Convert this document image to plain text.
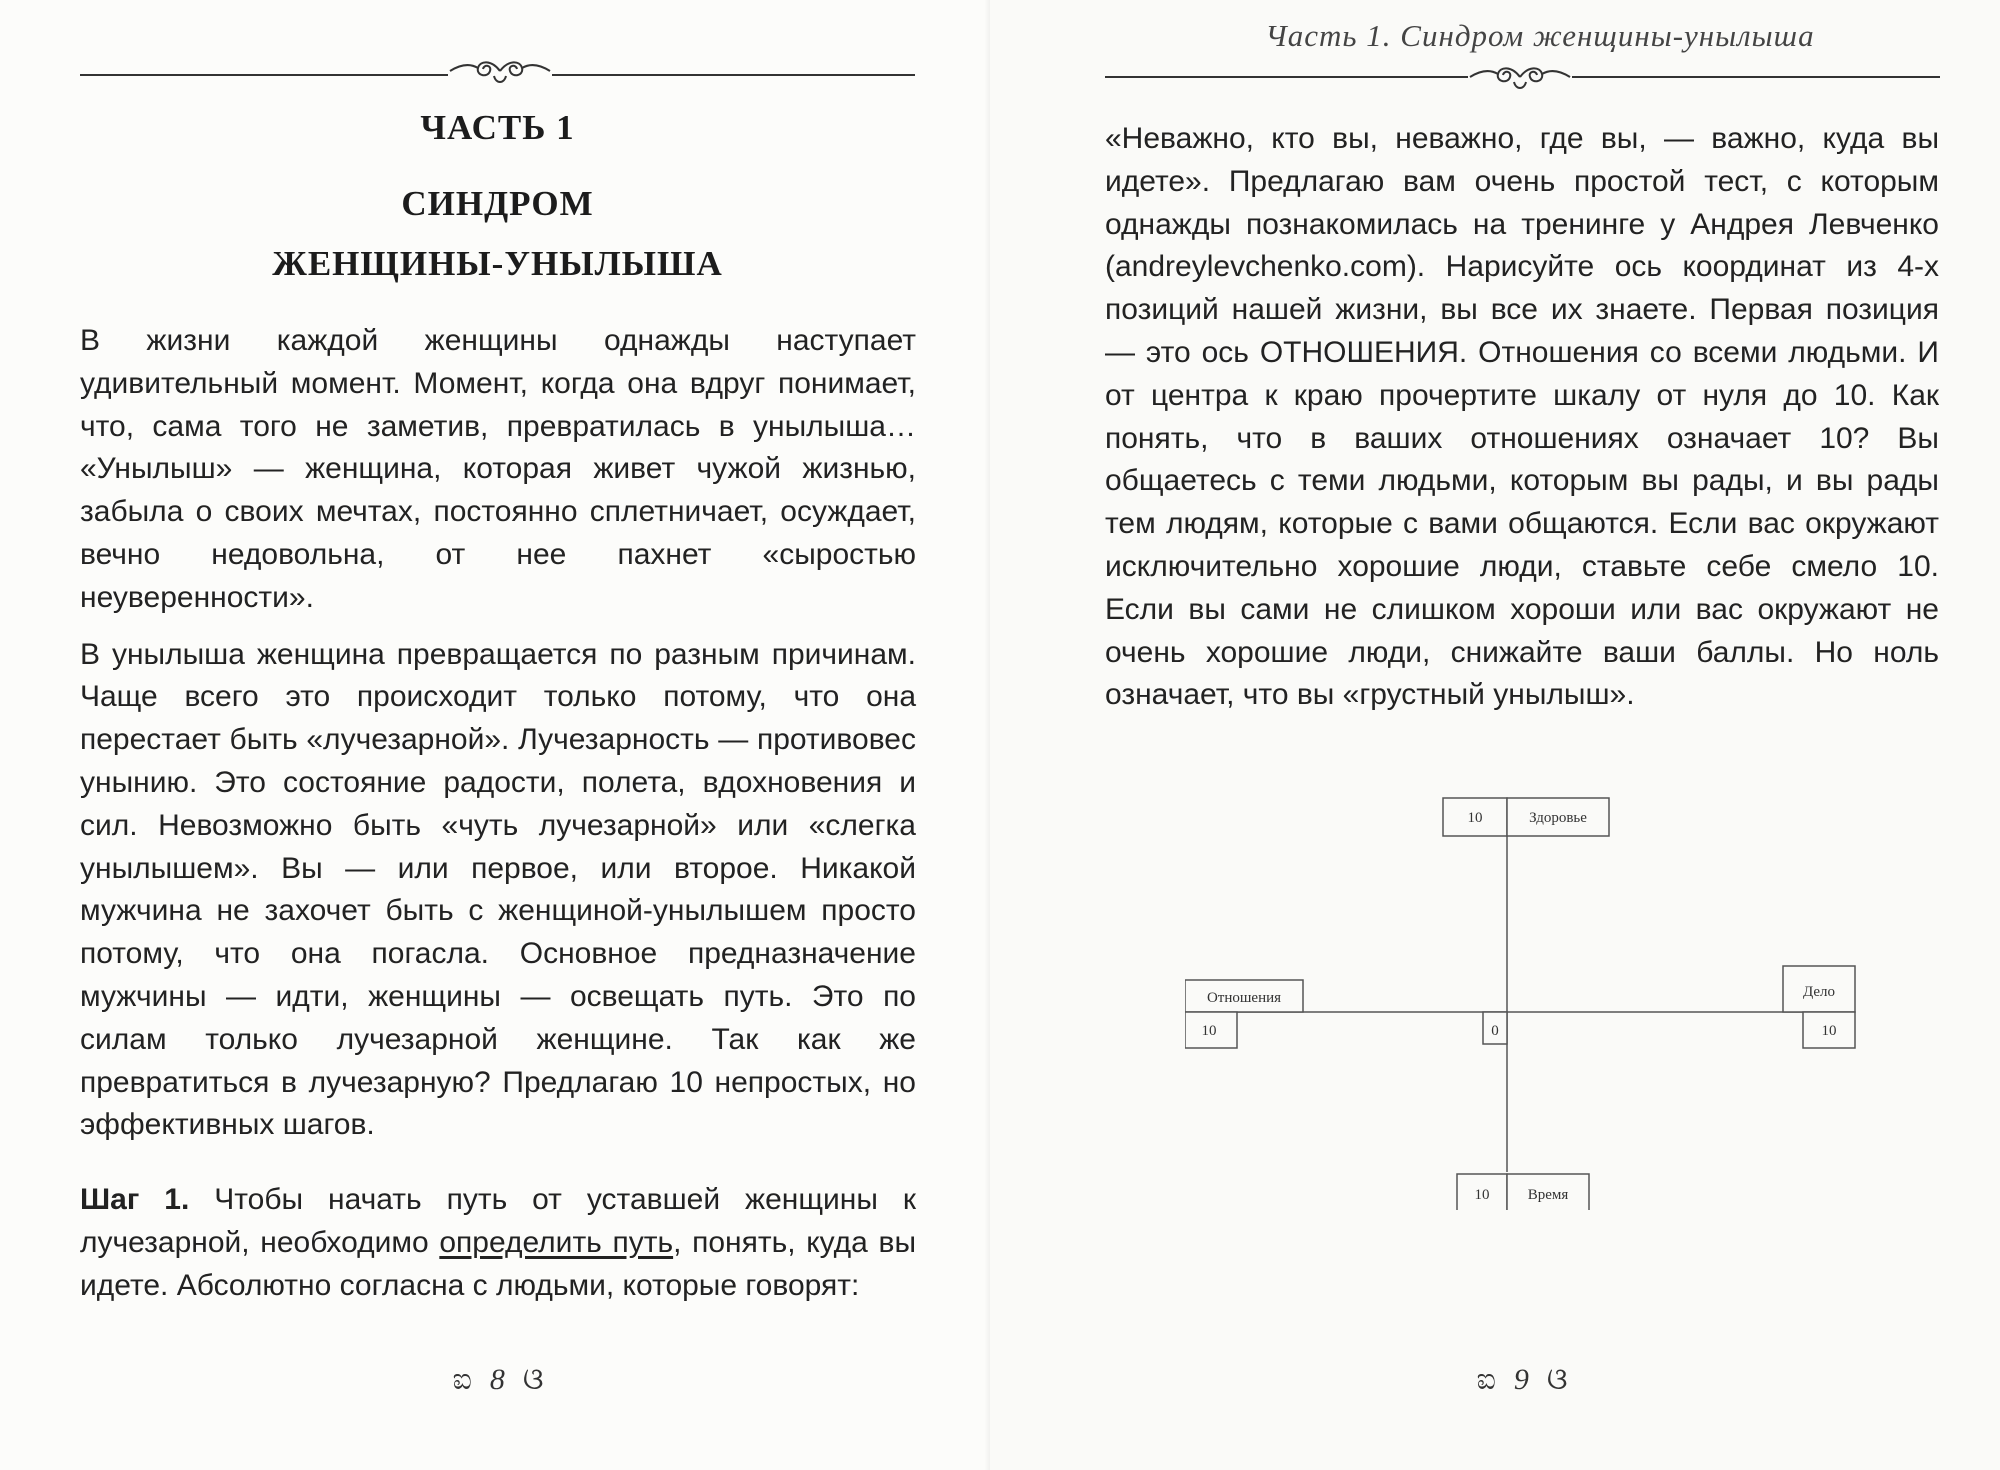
ЧАСТЬ 1
СИНДРОМ
ЖЕНЩИНЫ-УНЫЛЫША

В жизни каждой женщины однажды наступает удивительный момент. Момент, когда она вдруг понимает, что, сама того не заметив, превратилась в унылыша… «Унылыш» — женщина, которая живет чужой жизнью, забыла о своих мечтах, постоянно сплетничает, осуждает, вечно недовольна, от нее пахнет «сыростью неуверенности».

В унылыша женщина превращается по разным причинам. Чаще всего это происходит только потому, что она перестает быть «лучезарной». Лучезарность — противовес унынию. Это состояние радости, полета, вдохновения и сил. Невозможно быть «чуть лучезарной» или «слегка унылышем». Вы — или первое, или второе. Никакой мужчина не захочет быть с женщиной-унылышем просто потому, что она погасла. Основное предназначение мужчины — идти, женщины — освещать путь. Это по силам только лучезарной женщине. Так как же превратиться в лучезарную? Предлагаю 10 непростых, но эффективных шагов.

Шаг 1. Чтобы начать путь от уставшей женщины к лучезарной, необходимо определить путь, понять, куда вы идете. Абсолютно согласна с людьми, которые говорят:

ಐ 8 ଓ
Часть 1. Синдром женщины-унылыша

«Неважно, кто вы, неважно, где вы, — важно, куда вы идете». Предлагаю вам очень простой тест, с которым однажды познакомилась на тренинге у Андрея Левченко (andreylevchenko.com). Нарисуйте ось координат из 4-х позиций нашей жизни, вы все их знаете. Первая позиция — это ось ОТНОШЕНИЯ. Отношения со всеми людьми. И от центра к краю прочертите шкалу от нуля до 10. Как понять, что в ваших отношениях означает 10? Вы общаетесь с теми людьми, которым вы рады, и вы рады тем людям, которые с вами общаются. Если вас окружают исключительно хорошие люди, ставьте себе смело 10. Если вы сами не слишком хороши или вас окружают не очень хорошие люди, снижайте ваши баллы. Но ноль означает, что вы «грустный унылыш».

10	Здоровье
Отношения
10
Дело
10
0
10	Время
ಐ 9 ଓ
